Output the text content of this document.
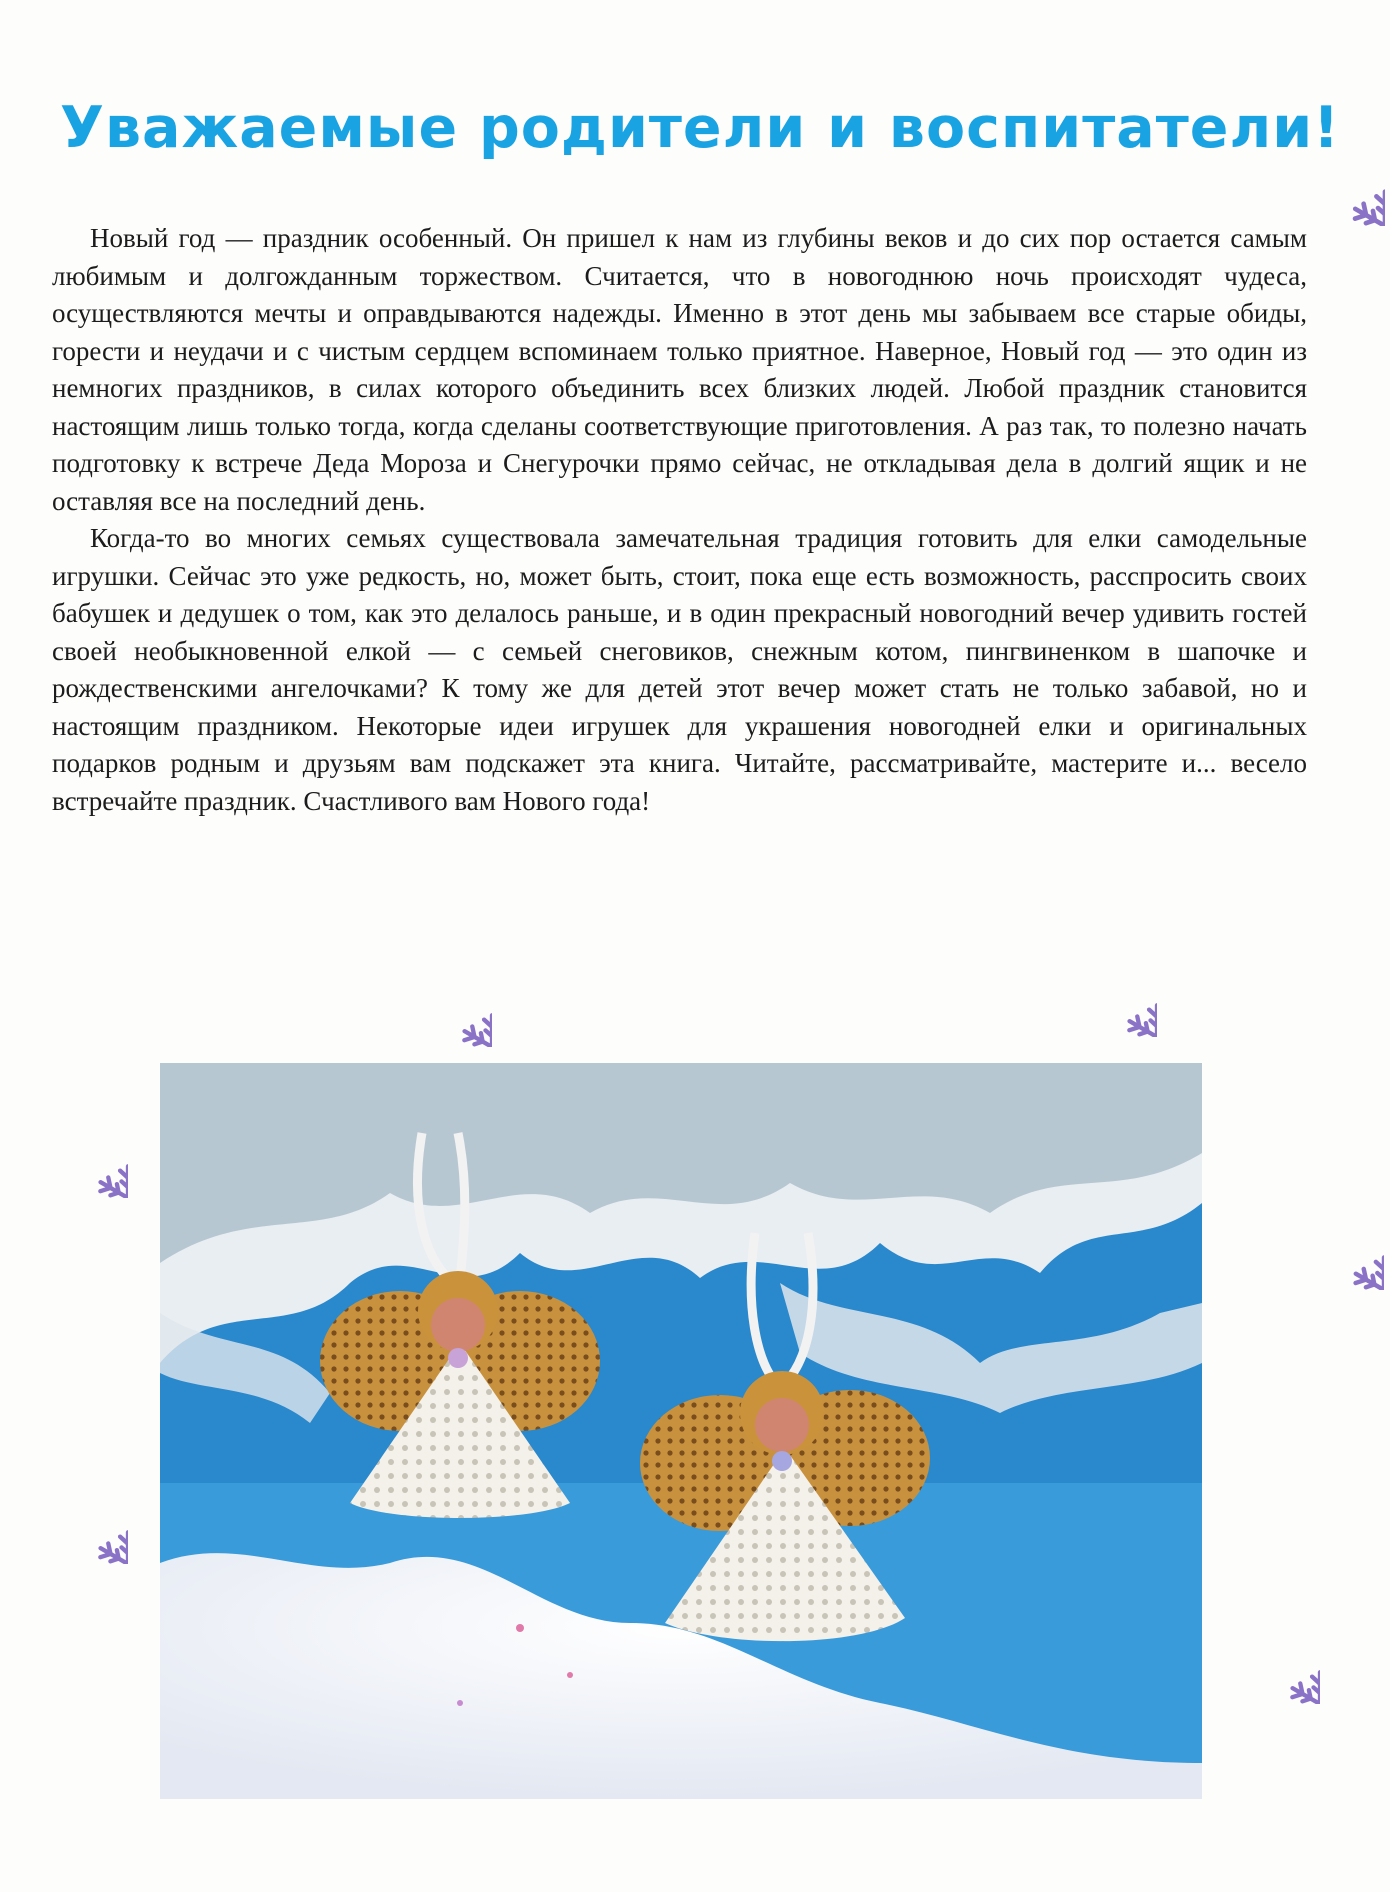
Уважаемые родители и воспитатели!

Новый год — праздник особенный. Он пришел к нам из глубины веков и до сих пор остается самым любимым и долгожданным торжеством. Считается, что в новогоднюю ночь происходят чудеса, осуществляются мечты и оправдываются надежды. Именно в этот день мы забываем все старые обиды, горести и неудачи и с чистым сердцем вспоминаем только приятное. Наверное, Новый год — это один из немногих праздников, в силах которого объединить всех близких людей. Любой праздник становится настоящим лишь только тогда, когда сделаны соответствующие приготовления. А раз так, то полезно начать подготовку к встрече Деда Мороза и Снегурочки прямо сейчас, не откладывая дела в долгий ящик и не оставляя все на последний день.

Когда-то во многих семьях существовала замечательная традиция готовить для елки самодельные игрушки. Сейчас это уже редкость, но, может быть, стоит, пока еще есть возможность, расспросить своих бабушек и дедушек о том, как это делалось раньше, и в один прекрасный новогодний вечер удивить гостей своей необыкновенной елкой — с семьей снеговиков, снежным котом, пингвиненком в шапочке и рождественскими ангелочками? К тому же для детей этот вечер может стать не только забавой, но и настоящим праздником. Некоторые идеи игрушек для украшения новогодней елки и оригинальных подарков родным и друзьям вам подскажет эта книга. Читайте, рассматривайте, мастерите и... весело встречайте праздник. Счастливого вам Нового года!
